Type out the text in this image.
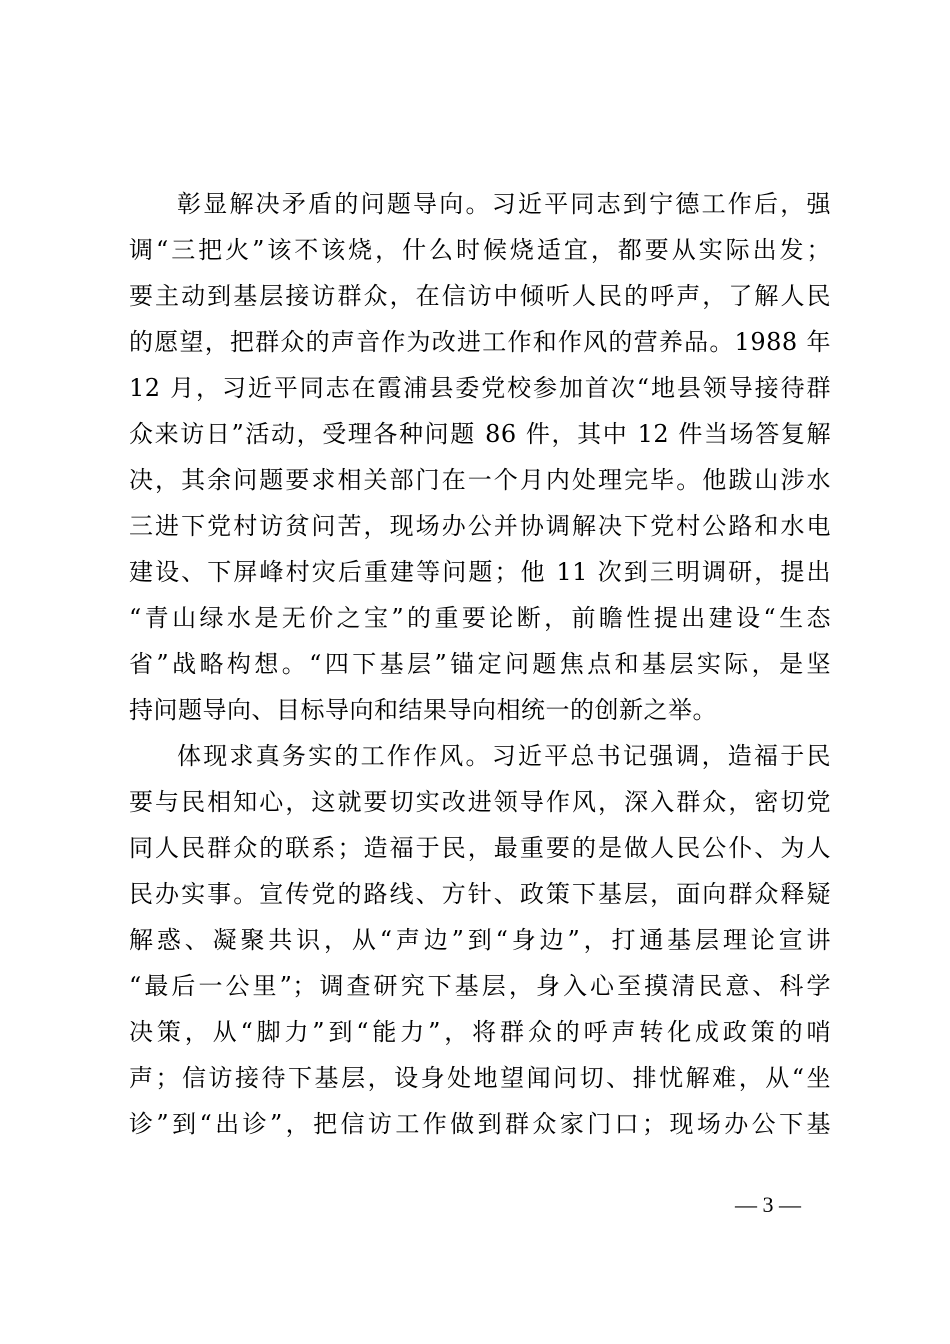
彰显解决矛盾的问题导向。习近平同志到宁德工作后，强
调“三把火”该不该烧，什么时候烧适宜，都要从实际出发；
要主动到基层接访群众，在信访中倾听人民的呼声，了解人民
的愿望，把群众的声音作为改进工作和作风的营养品。1988 年
12 月，习近平同志在霞浦县委党校参加首次“地县领导接待群
众来访日”活动，受理各种问题 86 件，其中 12 件当场答复解
决，其余问题要求相关部门在一个月内处理完毕。他跋山涉水
三进下党村访贫问苦，现场办公并协调解决下党村公路和水电
建设、下屏峰村灾后重建等问题；他 11 次到三明调研，提出
“青山绿水是无价之宝”的重要论断，前瞻性提出建设“生态
省”战略构想。“四下基层”锚定问题焦点和基层实际，是坚
持问题导向、目标导向和结果导向相统一的创新之举。
体现求真务实的工作作风。习近平总书记强调，造福于民
要与民相知心，这就要切实改进领导作风，深入群众，密切党
同人民群众的联系；造福于民，最重要的是做人民公仆、为人
民办实事。宣传党的路线、方针、政策下基层，面向群众释疑
解惑、凝聚共识，从“声边”到“身边”，打通基层理论宣讲
“最后一公里”；调查研究下基层，身入心至摸清民意、科学
决策，从“脚力”到“能力”，将群众的呼声转化成政策的哨
声；信访接待下基层，设身处地望闻问切、排忧解难，从“坐
诊”到“出诊”，把信访工作做到群众家门口；现场办公下基
— 3 —
